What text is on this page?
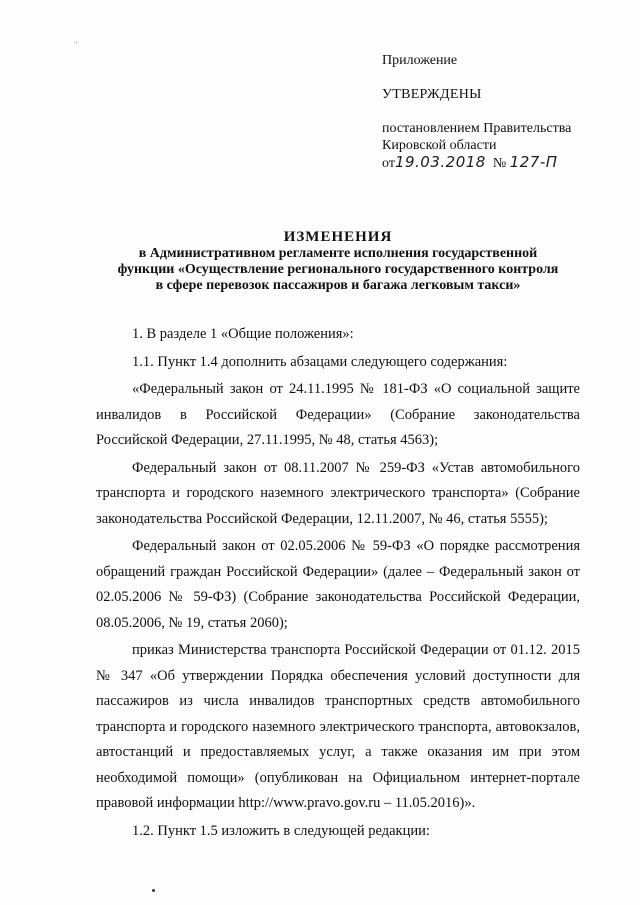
Приложение
УТВЕРЖДЕНЫ
постановлением Правительства
Кировской области
от19.03.2018 № 127-П
ИЗМЕНЕНИЯ
в Административном регламенте исполнения государственной
функции «Осуществление регионального государственного контроля
в сфере перевозок пассажиров и багажа легковым такси»

1. В разделе 1 «Общие положения»:

1.1. Пункт 1.4 дополнить абзацами следующего содержания:

«Федеральный закон от 24.11.1995 № 181-ФЗ «О социальной защите
инвалидов в Российской Федерации» (Собрание законодательства
Российской Федерации, 27.11.1995, № 48, статья 4563);

Федеральный закон от 08.11.2007 № 259-ФЗ «Устав автомобильного
транспорта и городского наземного электрического транспорта» (Собрание
законодательства Российской Федерации, 12.11.2007, № 46, статья 5555);

Федеральный закон от 02.05.2006 № 59-ФЗ «О порядке рассмотрения
обращений граждан Российской Федерации» (далее – Федеральный закон от
02.05.2006 № 59-ФЗ) (Собрание законодательства Российской Федерации,
08.05.2006, № 19, статья 2060);

приказ Министерства транспорта Российской Федерации от 01.12. 2015
№ 347 «Об утверждении Порядка обеспечения условий доступности для
пассажиров из числа инвалидов транспортных средств автомобильного
транспорта и городского наземного электрического транспорта, автовокзалов,
автостанций и предоставляемых услуг, а также оказания им при этом
необходимой помощи» (опубликован на Официальном интернет-портале
правовой информации http://www.pravo.gov.ru – 11.05.2016)».

1.2. Пункт 1.5 изложить в следующей редакции:
